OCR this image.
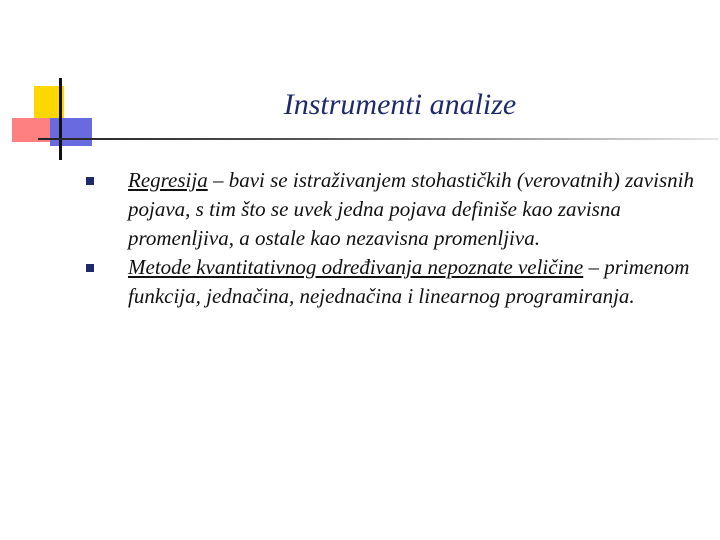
Instrumenti analize
Regresija – bavi se istraživanjem stohastičkih (verovatnih) zavisnih pojava, s tim što se uvek jedna pojava definiše kao zavisna promenljiva, a ostale kao nezavisna promenljiva.
Metode kvantitativnog određivanja nepoznate veličine – primenom funkcija, jednačina, nejednačina i linearnog programiranja.
